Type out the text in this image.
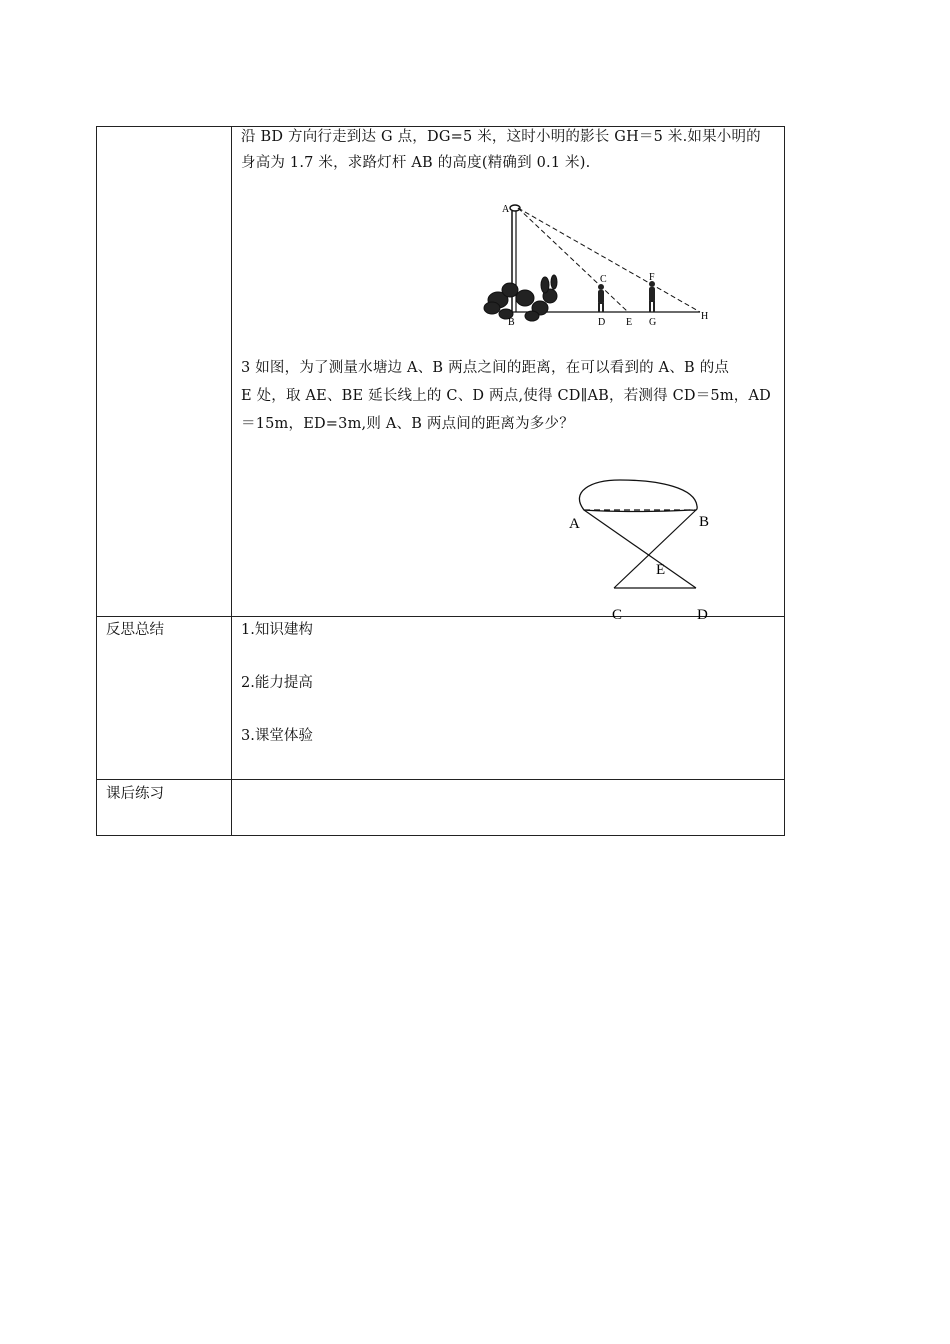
沿 BD 方向行走到达 G 点，DG=5 米，这时小明的影长 GH＝5 米.如果小明的
身高为 1.7 米，求路灯杆 AB 的高度(精确到 0.1 米).
A
B
C
D E
F
G
H
3 如图，为了测量水塘边 A、B 两点之间的距离，在可以看到的 A、B 的点
E 处，取 AE、BE 延长线上的 C、D 两点,使得 CD∥AB，若测得 CD＝5m，AD
＝15m，ED=3m,则 A、B 两点间的距离为多少？
A	B
E
C	D
反思总结	1.知识建构
2.能力提高
3.课堂体验
课后练习
